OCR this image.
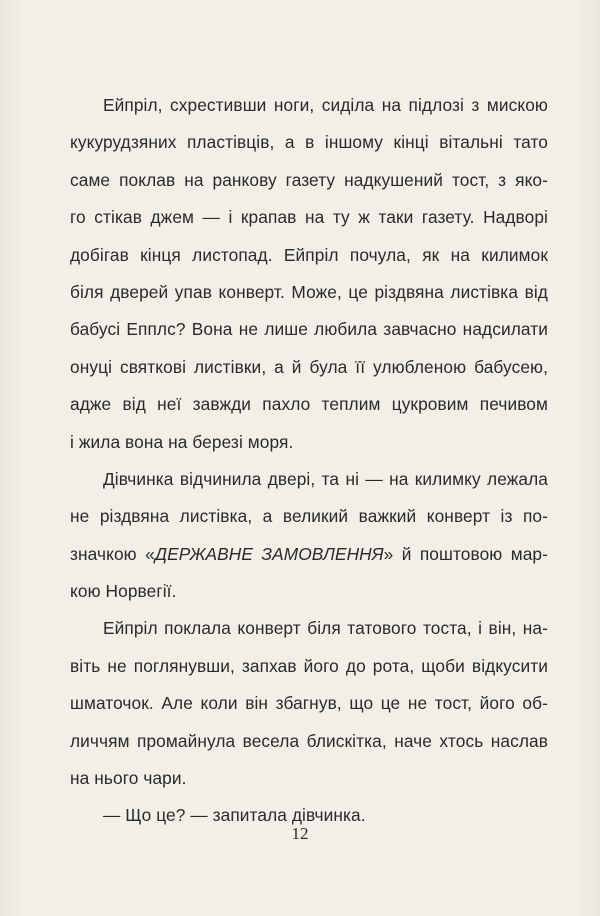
Ейпріл, схрестивши ноги, сиділа на підлозі з мискою
кукурудзяних пластівців, а в іншому кінці вітальні тато
саме поклав на ранкову газету надкушений тост, з яко-
го стікав джем — і крапав на ту ж таки газету. Надворі
добігав кінця листопад. Ейпріл почула, як на килимок
біля дверей упав конверт. Може, це різдвяна листівка від
бабусі Епплс? Вона не лише любила завчасно надсилати
онуці святкові листівки, а й була її улюбленою бабусею,
адже від неї завжди пахло теплим цукровим печивом
і жила вона на березі моря.
Дівчинка відчинила двері, та ні — на килимку лежала
не різдвяна листівка, а великий важкий конверт із по-
значкою «ДЕРЖАВНЕ ЗАМОВЛЕННЯ» й поштовою мар-
кою Норвегії.
Ейпріл поклала конверт біля татового тоста, і він, на-
віть не поглянувши, запхав його до рота, щоби відкусити
шматочок. Але коли він збагнув, що це не тост, його об-
личчям промайнула весела блискітка, наче хтось наслав
на нього чари.
— Що це? — запитала дівчинка.
12
